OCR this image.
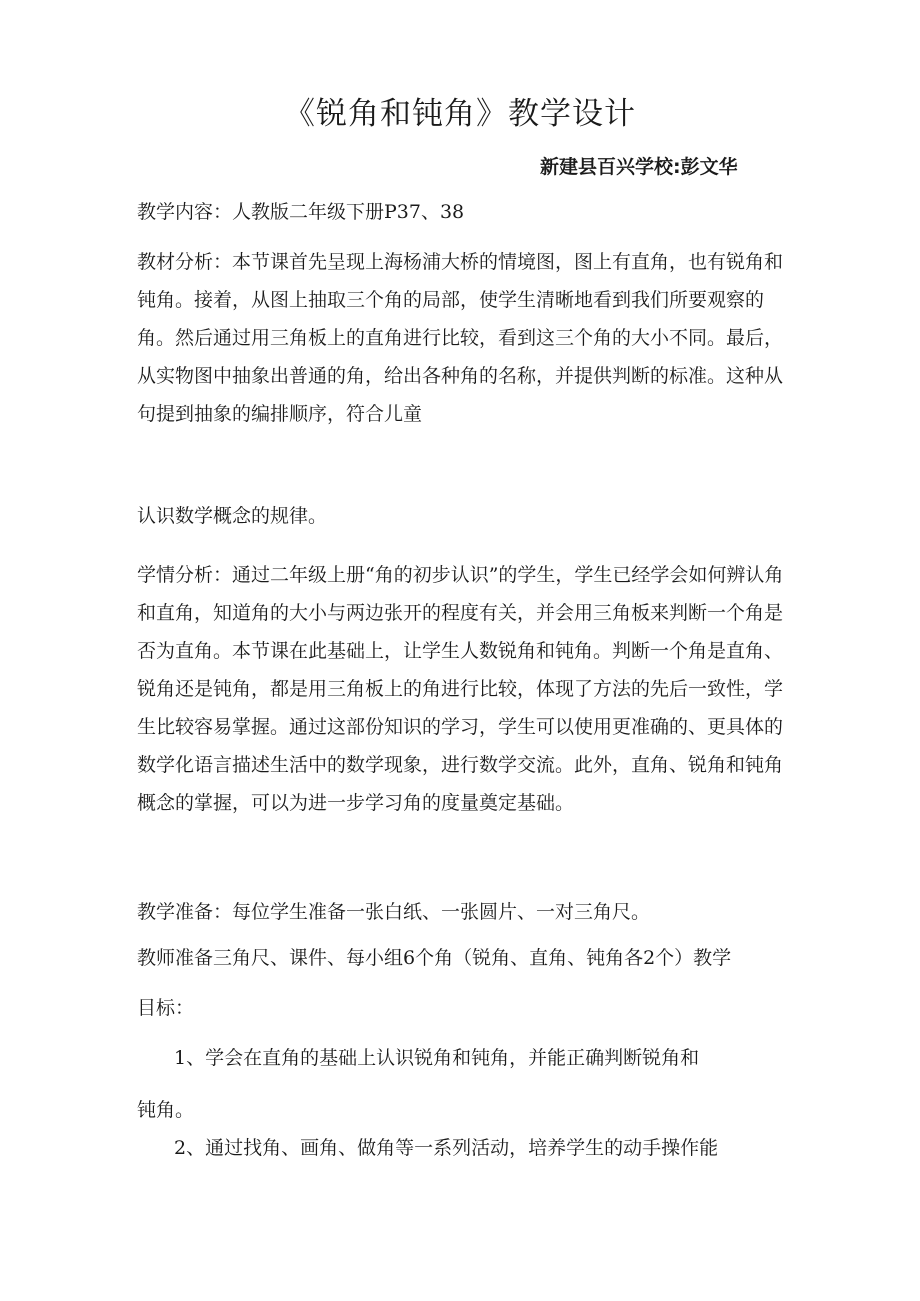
《锐角和钝角》教学设计
新建县百兴学校:彭文华
教学内容：人教版二年级下册P37、38

教材分析：本节课首先呈现上海杨浦大桥的情境图，图上有直角，也有锐角和钝角。接着，从图上抽取三个角的局部，使学生清晰地看到我们所要观察的角。然后通过用三角板上的直角进行比较，看到这三个角的大小不同。最后，从实物图中抽象出普通的角，给出各种角的名称，并提供判断的标准。这种从句提到抽象的编排顺序，符合儿童

认识数学概念的规律。

学情分析：通过二年级上册“角的初步认识”的学生，学生已经学会如何辨认角和直角，知道角的大小与两边张开的程度有关，并会用三角板来判断一个角是否为直角。本节课在此基础上，让学生人数锐角和钝角。判断一个角是直角、锐角还是钝角，都是用三角板上的角进行比较，体现了方法的先后一致性，学生比较容易掌握。通过这部份知识的学习，学生可以使用更准确的、更具体的数学化语言描述生活中的数学现象，进行数学交流。此外，直角、锐角和钝角概念的掌握，可以为进一步学习角的度量奠定基础。

教学准备：每位学生准备一张白纸、一张圆片、一对三角尺。
教师准备三角尺、课件、每小组6个角（锐角、直角、钝角各2个）教学
目标：
1、学会在直角的基础上认识锐角和钝角，并能正确判断锐角和
钝角。
2、通过找角、画角、做角等一系列活动，培养学生的动手操作能
